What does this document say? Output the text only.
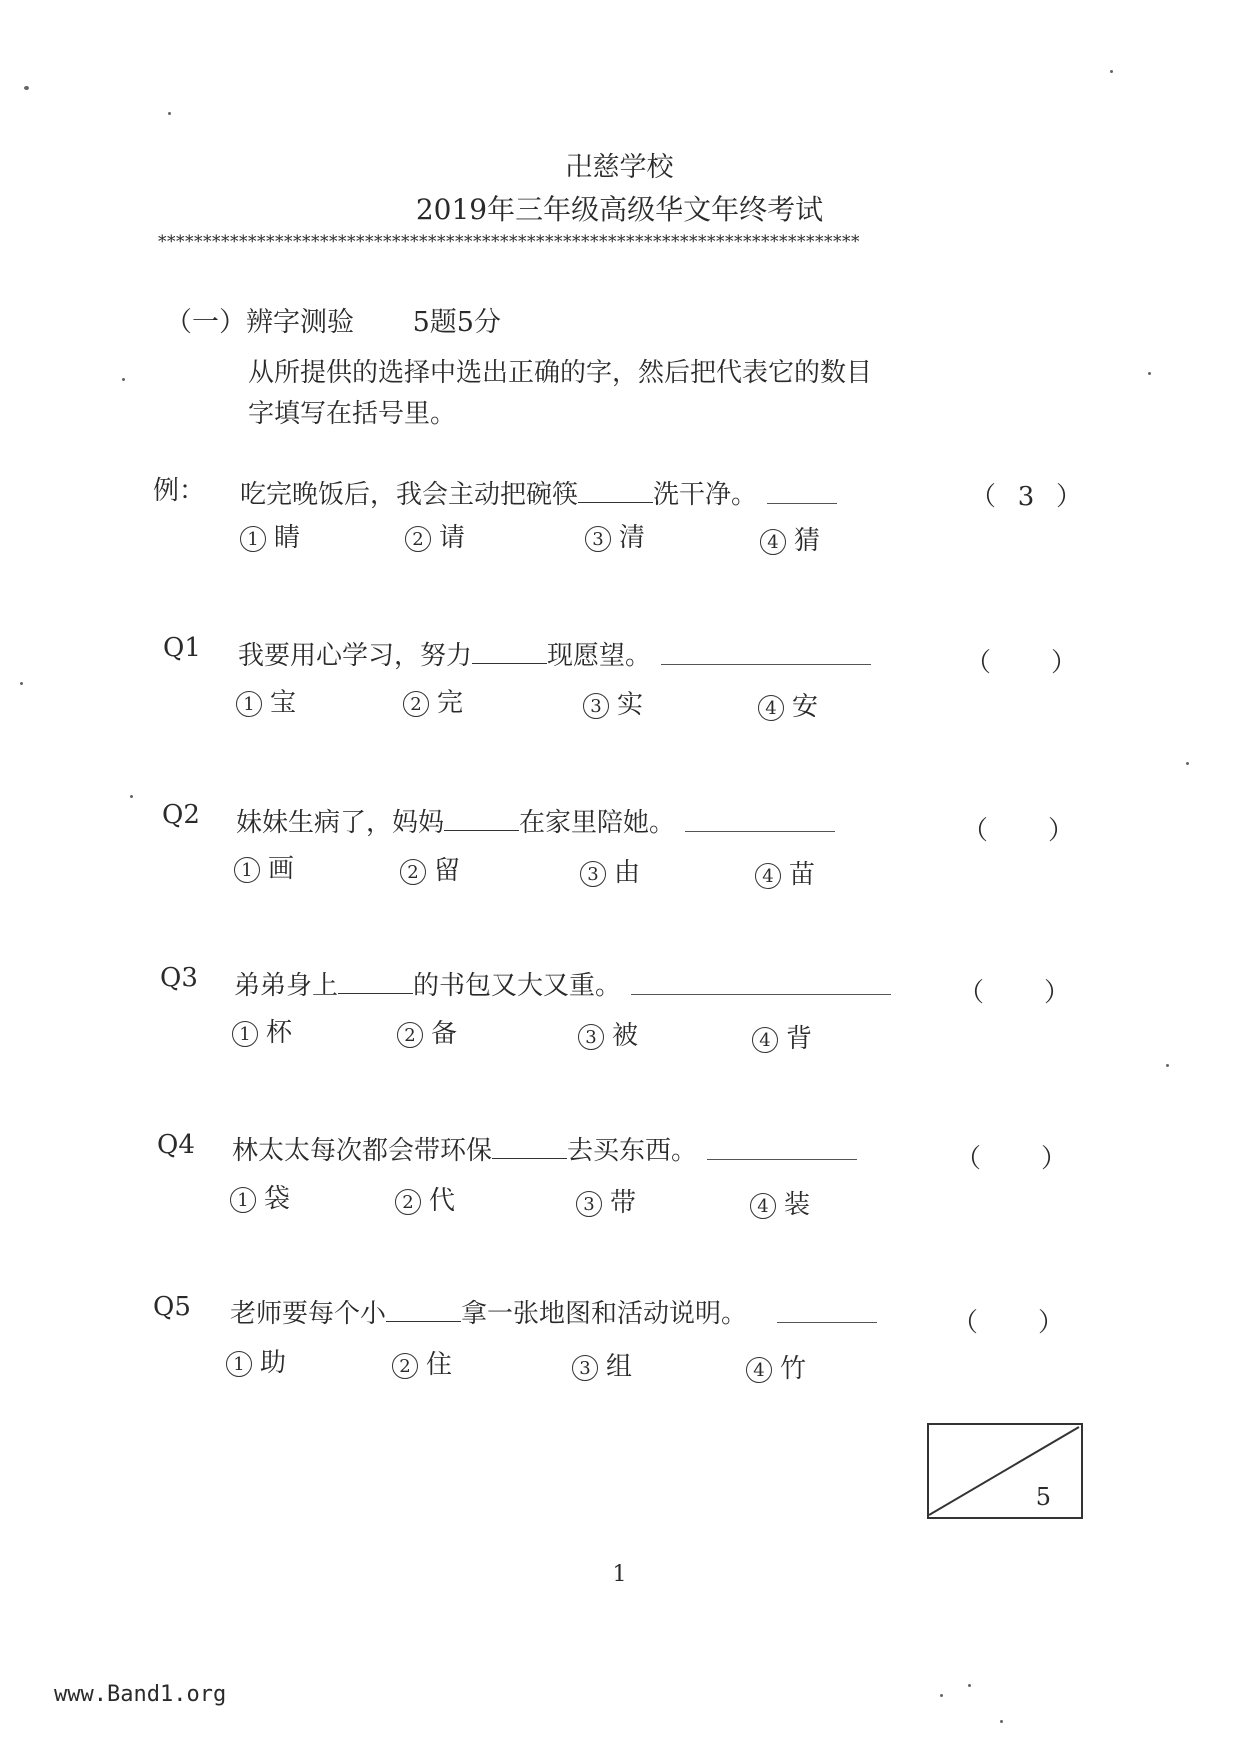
卍慈学校
2019年三年级高级华文年终考试
******************************************************************************
（一）辨字测验 5题5分
从所提供的选择中选出正确的字，然后把代表它的数目
字填写在括号里。
例： 吃完晚饭后，我会主动把碗筷	洗干净。	（ 3 ）
1 睛	2 请	3 清	4 猜
Q1 我要用心学习，努力	现愿望。	（ ）
1 宝	2 完	3 实	4 安
Q2 妹妹生病了，妈妈	在家里陪她。	（ ）
1 画	2 留	3 由	4 苗
Q3 弟弟身上	的书包又大又重。	（ ）
1 杯	2 备	3 被	4 背
Q4 林太太每次都会带环保	去买东西。	（ ）
1 袋	2 代	3 带	4 装
Q5 老师要每个小	拿一张地图和活动说明。	（ ）
1 助	2 住	3 组	4 竹
5
1
www.Band1.org
